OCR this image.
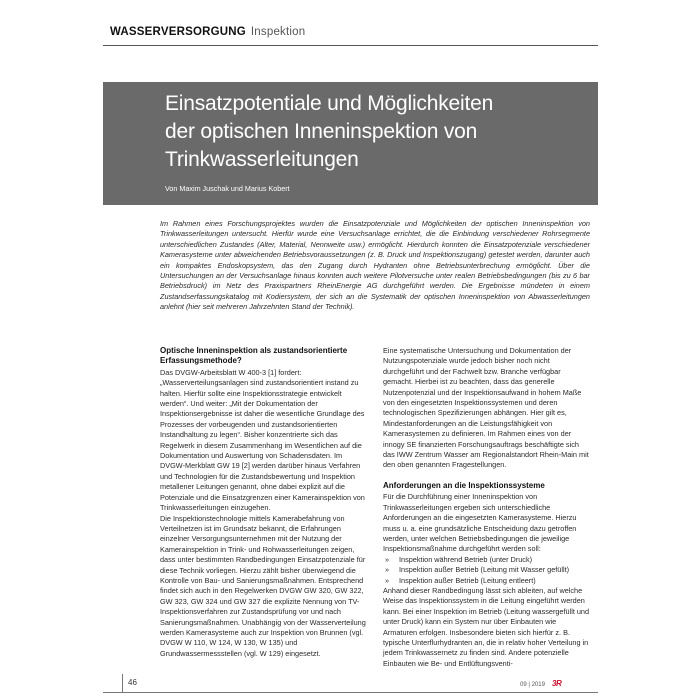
WASSERVERSORGUNG Inspektion
Einsatzpotentiale und Möglichkeiten
der optischen Inneninspektion von
Trinkwasserleitungen
Von Maxim Juschak und Marius Kobert

Im Rahmen eines Forschungsprojektes wurden die Einsatzpotenziale und Möglichkeiten der optischen Inneninspektion von Trinkwasserleitungen untersucht. Hierfür wurde eine Versuchsanlage errichtet, die die Einbindung verschiedener Rohrsegmente unterschiedlichen Zustandes (Alter, Material, Nennweite usw.) ermöglicht. Hierdurch konnten die Einsatzpotenziale verschiedener Kamerasysteme unter abweichenden Betriebsvoraussetzungen (z. B. Druck und Inspektionszugang) getestet werden, darunter auch ein kompaktes Endoskopsystem, das den Zugang durch Hydranten ohne Betriebsunterbrechung ermöglicht. Über die Untersuchungen an der Versuchsanlage hinaus konnten auch weitere Pilotversuche unter realen Betriebsbedingungen (bis zu 6 bar Betriebsdruck) im Netz des Praxispartners RheinEnergie AG durchgeführt werden. Die Ergebnisse mündeten in einem Zustandserfassungskatalog mit Kodiersystem, der sich an die Systematik der optischen Inneninspektion von Abwasserleitungen anlehnt (hier seit mehreren Jahrzehnten Stand der Technik).

Optische Inneninspektion als zustandsorientierte Erfassungsmethode?

Das DVGW-Arbeitsblatt W 400-3 [1] fordert: „Wasserverteilungsanlagen sind zustandsorientiert instand zu halten. Hierfür sollte eine Inspektionsstrategie entwickelt werden“. Und weiter: „Mit der Dokumentation der Inspektionsergebnisse ist daher die wesentliche Grundlage des Prozesses der vorbeugenden und zustandsorientierten Instandhaltung zu legen“. Bisher konzentrierte sich das Regelwerk in diesem Zusammenhang im Wesentlichen auf die Dokumentation und Auswertung von Schadensdaten. Im DVGW-Merkblatt GW 19 [2] werden darüber hinaus Verfahren und Technologien für die Zustandsbewertung und Inspektion metallener Leitungen genannt, ohne dabei explizit auf die Potenziale und die Einsatzgrenzen einer Kamerainspektion von Trinkwasserleitungen einzugehen.

Die Inspektionstechnologie mittels Kamerabefahrung von Verteilnetzen ist im Grundsatz bekannt, die Erfahrungen einzelner Versorgungsunternehmen mit der Nutzung der Kamerainspektion in Trink- und Rohwasserleitungen zeigen, dass unter bestimmten Randbedingungen Einsatzpotenziale für diese Technik vorliegen. Hierzu zählt bisher überwiegend die Kontrolle von Bau- und Sanierungsmaßnahmen. Entsprechend findet sich auch in den Regelwerken DVGW GW 320, GW 322, GW 323, GW 324 und GW 327 die explizite Nennung von TV-Inspektionsverfahren zur Zustandsprüfung vor und nach Sanierungsmaßnahmen. Unabhängig von der Wasserverteilung werden Kamerasysteme auch zur Inspektion von Brunnen (vgl. DVGW W 110, W 124, W 130, W 135) und Grundwassermessstellen (vgl. W 129) eingesetzt.

Eine systematische Untersuchung und Dokumentation der Nutzungspotenziale wurde jedoch bisher noch nicht durchgeführt und der Fachwelt bzw. Branche verfügbar gemacht. Hierbei ist zu beachten, dass das generelle Nutzenpotenzial und der Inspektionsaufwand in hohem Maße von den eingesetzten Inspektionssystemen und deren technologischen Spezifizierungen abhängen. Hier gilt es, Mindestanforderungen an die Leistungsfähigkeit von Kamerasystemen zu definieren. Im Rahmen eines von der innogy SE finanzierten Forschungsauftrags beschäftigte sich das IWW Zentrum Wasser am Regionalstandort Rhein-Main mit den oben genannten Fragestellungen.

Anforderungen an die Inspektionssysteme

Für die Durchführung einer Inneninspektion von Trinkwasserleitungen ergeben sich unterschiedliche Anforderungen an die eingesetzten Kamerasysteme. Hierzu muss u. a. eine grundsätzliche Entscheidung dazu getroffen werden, unter welchen Betriebsbedingungen die jeweilige Inspektionsmaßnahme durchgeführt werden soll:

» Inspektion während Betrieb (unter Druck)
» Inspektion außer Betrieb (Leitung mit Wasser gefüllt)
» Inspektion außer Betrieb (Leitung entleert)

Anhand dieser Randbedingung lässt sich ableiten, auf welche Weise das Inspektionssystem in die Leitung eingeführt werden kann. Bei einer Inspektion im Betrieb (Leitung wassergefüllt und unter Druck) kann ein System nur über Einbauten wie Armaturen erfolgen. Insbesondere bieten sich hierfür z. B. typische Unterflurhydranten an, die in relativ hoher Verteilung in jedem Trinkwassernetz zu finden sind. Andere potenzielle Einbauten wie Be- und Entlüftungsventi-

46	09 | 2019 3R
